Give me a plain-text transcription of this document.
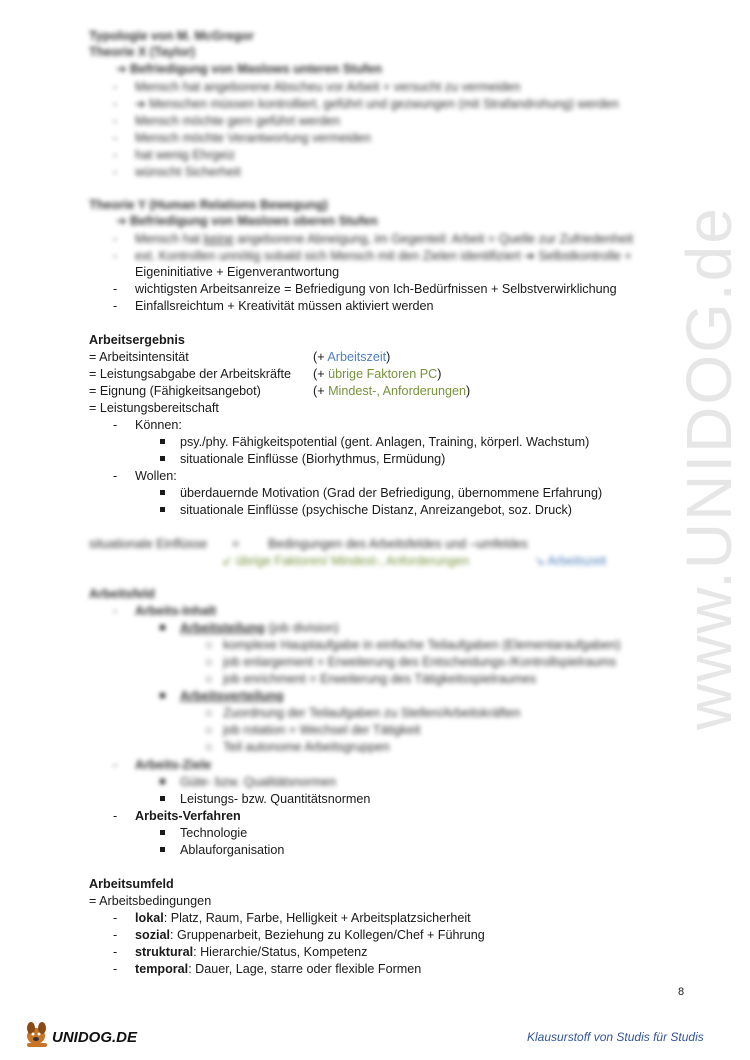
www.UNIDOG.de
Typologie von M. McGregor
Theorie X (Taylor)
➔ Befriedigung von Maslows unteren Stufen
- Mensch hat angeborene Abscheu vor Arbeit + versucht zu vermeiden
- ➔ Menschen müssen kontrolliert, geführt und gezwungen (mit Strafandrohung) werden
- Mensch möchte gern geführt werden
- Mensch möchte Verantwortung vermeiden
- hat wenig Ehrgeiz
- wünscht Sicherheit
Theorie Y (Human Relations Bewegung)
➔ Befriedigung von Maslows oberen Stufen
- Mensch hat keine angeborene Abneigung, im Gegenteil: Arbeit = Quelle zur Zufriedenheit
- ext. Kontrollen unnötig sobald sich Mensch mit den Zielen identifiziert ➔ Selbstkontrolle +
Eigeninitiative + Eigenverantwortung
- wichtigsten Arbeitsanreize = Befriedigung von Ich-Bedürfnissen + Selbstverwirklichung
- Einfallsreichtum + Kreativität müssen aktiviert werden
Arbeitsergebnis
= Arbeitsintensität	(+ Arbeitszeit)
= Leistungsabgabe der Arbeitskräfte (+ übrige Faktoren PC)
= Eignung (Fähigkeitsangebot)	(+ Mindest-, Anforderungen)
= Leistungsbereitschaft
- Können:
psy./phy. Fähigkeitspotential (gent. Anlagen, Training, körperl. Wachstum)
situationale Einflüsse (Biorhythmus, Ermüdung)
- Wollen:
überdauernde Motivation (Grad der Befriedigung, übernommene Erfahrung)
situationale Einflüsse (psychische Distanz, Anreizangebot, soz. Druck)
situationale Einflüsse = Bedingungen des Arbeitsfeldes und –umfeldes
↙ übrige Faktoren/ Mindest-, Anforderungen	↘ Arbeitszeit
Arbeitsfeld
- Arbeits-Inhalt
Arbeitsteilung (job division)
○   komplexe Hauptaufgabe in einfache Teilaufgaben (Elementaraufgaben)
○   job enlargement = Erweiterung des Entscheidungs-/Kontrollspielraums
○   job enrichment = Erweiterung des Tätigkeitsspielraumes
Arbeitsverteilung
○   Zuordnung der Teilaufgaben zu Stellen/Arbeitskräften
○   job rotation = Wechsel der Tätigkeit
○   Teil autonome Arbeitsgruppen
- Arbeits-Ziele
Güte- bzw. Qualitätsnormen
Leistungs- bzw. Quantitätsnormen
- Arbeits-Verfahren
Technologie
Ablauforganisation
Arbeitsumfeld
= Arbeitsbedingungen
- lokal: Platz, Raum, Farbe, Helligkeit + Arbeitsplatzsicherheit
- sozial: Gruppenarbeit, Beziehung zu Kollegen/Chef + Führung
- struktural: Hierarchie/Status, Kompetenz
- temporal: Dauer, Lage, starre oder flexible Formen
8
UNIDOG.DE	Klausurstoff von Studis für Studis
